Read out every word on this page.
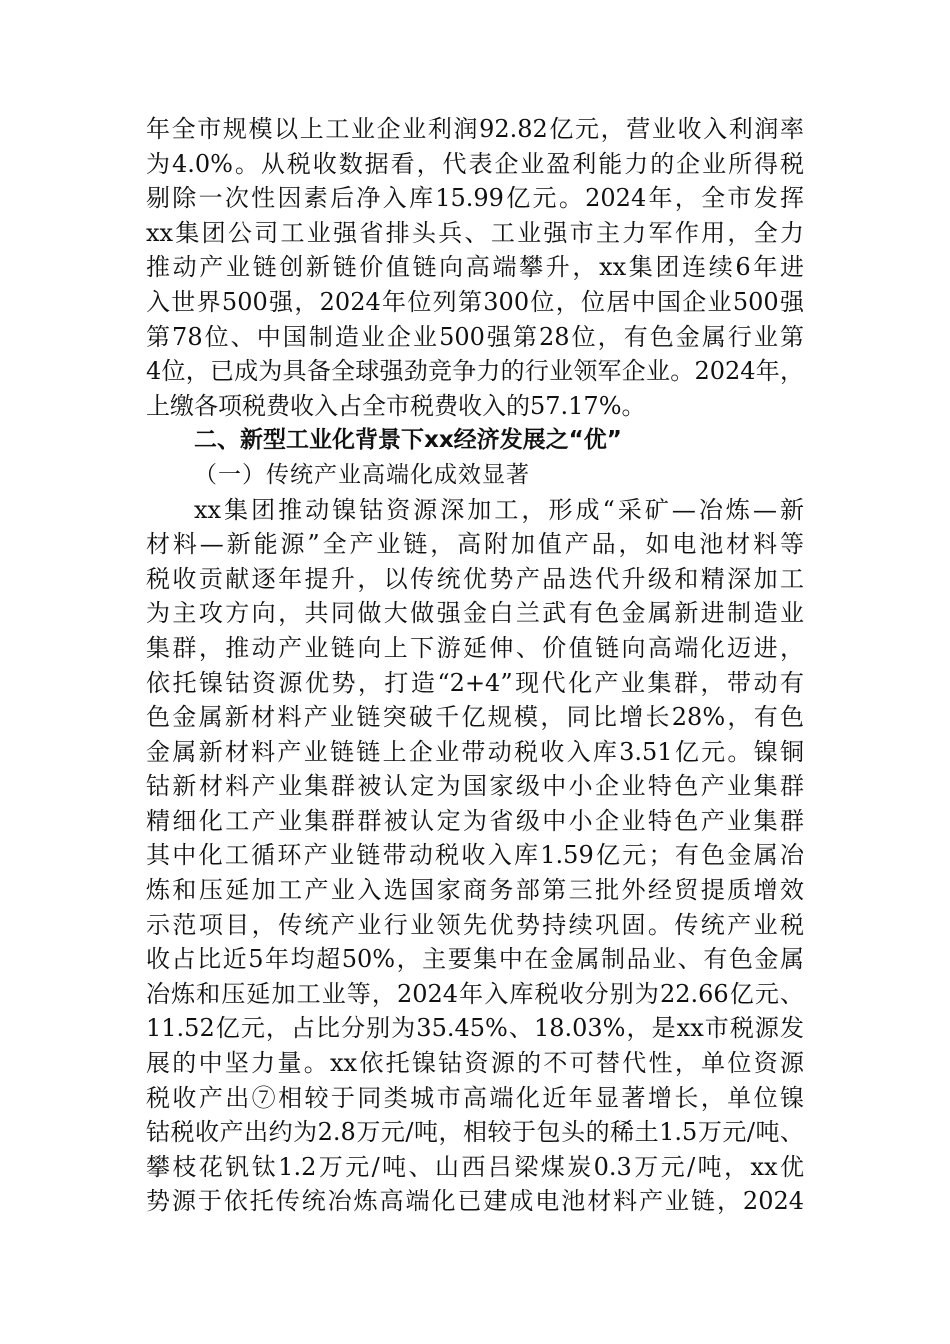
年全市规模以上工业企业利润92.82亿元，营业收入利润率
为4.0%。从税收数据看，代表企业盈利能力的企业所得税
剔除一次性因素后净入库15.99亿元。2024年，全市发挥
xx集团公司工业强省排头兵、工业强市主力军作用，全力
推动产业链创新链价值链向高端攀升，xx集团连续6年进
入世界500强，2024年位列第300位，位居中国企业500强
第78位、中国制造业企业500强第28位，有色金属行业第
4位，已成为具备全球强劲竞争力的行业领军企业。2024年，
上缴各项税费收入占全市税费收入的57.17%。
二、新型工业化背景下xx经济发展之“优”
（一）传统产业高端化成效显著
xx集团推动镍钴资源深加工，形成“采矿—冶炼—新
材料—新能源”全产业链，高附加值产品，如电池材料等
税收贡献逐年提升，以传统优势产品迭代升级和精深加工
为主攻方向，共同做大做强金白兰武有色金属新进制造业
集群，推动产业链向上下游延伸、价值链向高端化迈进，
依托镍钴资源优势，打造“2+4”现代化产业集群，带动有
色金属新材料产业链突破千亿规模，同比增长28%，有色
金属新材料产业链链上企业带动税收入库3.51亿元。镍铜
钴新材料产业集群被认定为国家级中小企业特色产业集群
精细化工产业集群群被认定为省级中小企业特色产业集群
其中化工循环产业链带动税收入库1.59亿元；有色金属冶
炼和压延加工产业入选国家商务部第三批外经贸提质增效
示范项目，传统产业行业领先优势持续巩固。传统产业税
收占比近5年均超50%，主要集中在金属制品业、有色金属
冶炼和压延加工业等，2024年入库税收分别为22.66亿元、
11.52亿元，占比分别为35.45%、18.03%，是xx市税源发
展的中坚力量。xx依托镍钴资源的不可替代性，单位资源
税收产出⑦相较于同类城市高端化近年显著增长，单位镍
钴税收产出约为2.8万元/吨，相较于包头的稀土1.5万元/吨、
攀枝花钒钛1.2万元/吨、山西吕梁煤炭0.3万元/吨，xx优
势源于依托传统冶炼高端化已建成电池材料产业链，2024
